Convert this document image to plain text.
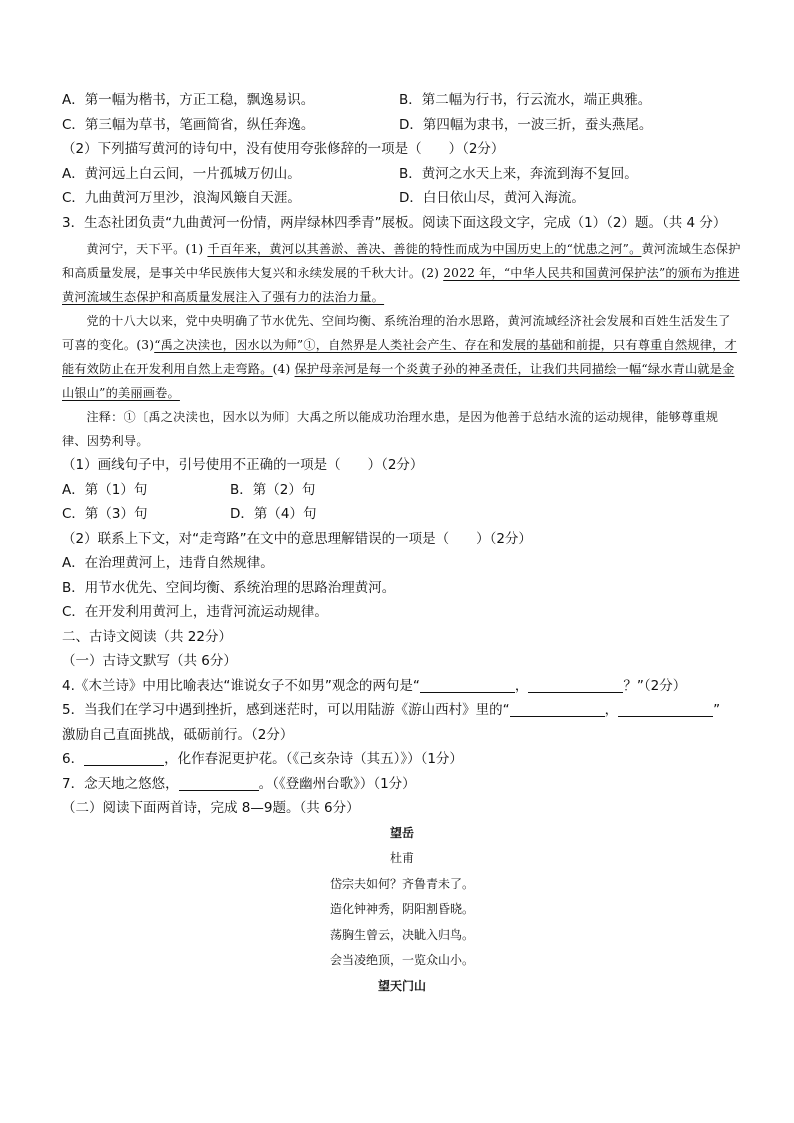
A．第一幅为楷书，方正工稳，飘逸易识。	B．第二幅为行书，行云流水，端正典雅。
C．第三幅为草书，笔画简省，纵任奔逸。	D．第四幅为隶书，一波三折，蚕头燕尾。
（2）下列描写黄河的诗句中，没有使用夸张修辞的一项是（　　）（2分）
A．黄河远上白云间，一片孤城万仞山。	B．黄河之水天上来，奔流到海不复回。
C．九曲黄河万里沙，浪淘风簸自天涯。	D．白日依山尽，黄河入海流。
3．生态社团负责“九曲黄河一份情，两岸绿林四季青”展板。阅读下面这段文字，完成（1）（2）题。（共 4 分）

黄河宁，天下平。(1) 千百年来，黄河以其善淤、善决、善徙的特性而成为中国历史上的“忧患之河”。黄河流域生态保护和高质量发展，是事关中华民族伟大复兴和永续发展的千秋大计。(2) 2022 年，“中华人民共和国黄河保护法”的颁布为推进黄河流域生态保护和高质量发展注入了强有力的法治力量。

党的十八大以来，党中央明确了节水优先、空间均衡、系统治理的治水思路，黄河流域经济社会发展和百姓生活发生了可喜的变化。(3)“禹之决渎也，因水以为师”①，自然界是人类社会产生、存在和发展的基础和前提，只有尊重自然规律，才能有效防止在开发利用自然上走弯路。(4) 保护母亲河是每一个炎黄子孙的神圣责任，让我们共同描绘一幅“绿水青山就是金山银山”的美丽画卷。

注释：①〔禹之决渎也，因水以为师〕大禹之所以能成功治理水患，是因为他善于总结水流的运动规律，能够尊重规律、因势利导。

（1）画线句子中，引号使用不正确的一项是（　　）（2分）
A．第（1）句	B．第（2）句
C．第（3）句	D．第（4）句
（2）联系上下文，对“走弯路”在文中的意思理解错误的一项是（　　）（2分）
A．在治理黄河上，违背自然规律。
B．用节水优先、空间均衡、系统治理的思路治理黄河。
C．在开发利用黄河上，违背河流运动规律。
二、古诗文阅读（共 22分）
（一）古诗文默写（共 6分）
4.《木兰诗》中用比喻表达“谁说女子不如男”观念的两句是“	，	？”（2分）
5．当我们在学习中遇到挫折，感到迷茫时，可以用陆游《游山西村》里的“	，	”
激励自己直面挑战，砥砺前行。（2分）
6．	，化作春泥更护花。（《己亥杂诗（其五）》）（1分）
7．念天地之悠悠，	。（《登幽州台歌》）（1分）
（二）阅读下面两首诗，完成 8—9题。（共 6分）
望岳
杜甫
岱宗夫如何？齐鲁青未了。
造化钟神秀，阴阳割昏晓。
荡胸生曾云，决眦入归鸟。
会当凌绝顶，一览众山小。
望天门山
